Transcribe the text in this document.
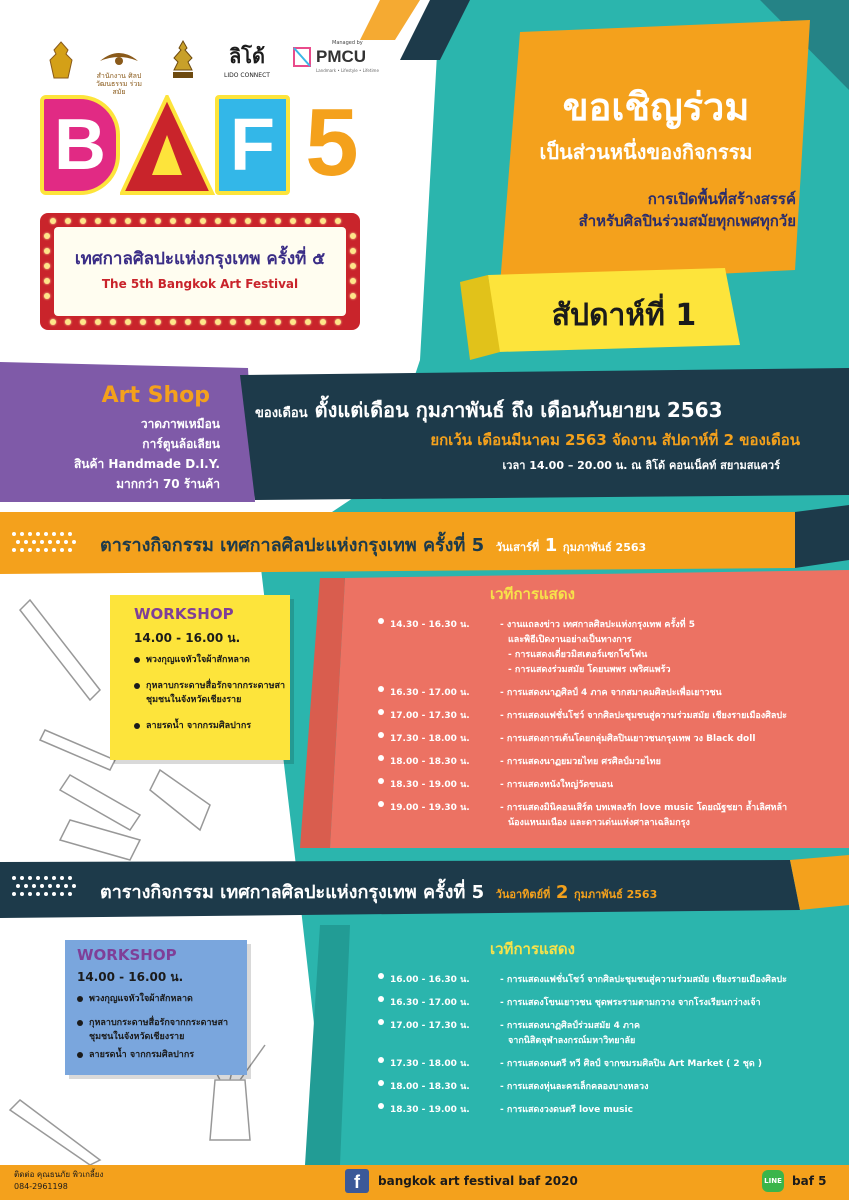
สำนักงาน ศิลปวัฒนธรรม ร่วมสมัย
ลิโด้
LIDO CONNECT
Managed by
PMCU
Landmark • Lifestyle • Lifetime
B F 5
เทศกาลศิลปะแห่งกรุงเทพ ครั้งที่ ๕
The 5th Bangkok Art Festival
ขอเชิญร่วม
เป็นส่วนหนึ่งของกิจกรรม
การเปิดพื้นที่สร้างสรรค์
สำหรับศิลปินร่วมสมัยทุกเพศทุกวัย
สัปดาห์ที่ 1
Art Shop
วาดภาพเหมือน
การ์ตูนล้อเลียน
สินค้า Handmade D.I.Y.
มากกว่า 70 ร้านค้า
ของเดือน ตั้งแต่เดือน กุมภาพันธ์ ถึง เดือนกันยายน 2563
ยกเว้น เดือนมีนาคม 2563 จัดงาน สัปดาห์ที่ 2 ของเดือน
เวลา 14.00 – 20.00 น. ณ ลิโด้ คอนเน็คท์ สยามสแควร์
ตารางกิจกรรม เทศกาลศิลปะแห่งกรุงเทพ ครั้งที่ 5 วันเสาร์ที่ 1 กุมภาพันธ์ 2563
เวทีการแสดง
14.30 - 16.30 น.	- งานแถลงข่าว เทศกาลศิลปะแห่งกรุงเทพ ครั้งที่ 5
และพิธีเปิดงานอย่างเป็นทางการ
- การแสดงเดี่ยวมิสเตอร์แซกโซโฟน
- การแสดงร่วมสมัย โดยนพพร เพริศแพร้ว
16.30 - 17.00 น.	- การแสดงนาฏศิลป์ 4 ภาค จากสมาคมศิลปะเพื่อเยาวชน
17.00 - 17.30 น.	- การแสดงแฟชั่นโชว์ จากศิลปะชุมชนสู่ความร่วมสมัย เชียงรายเมืองศิลปะ
17.30 - 18.00 น.	- การแสดงการเต้นโดยกลุ่มศิลปินเยาวชนกรุงเทพ วง Black doll
18.00 - 18.30 น.	- การแสดงนาฏยมวยไทย ศรศิลป์มวยไทย
18.30 - 19.00 น.	- การแสดงหนังใหญ่วัดขนอน
19.00 - 19.30 น.	- การแสดงมินิคอนเสิร์ต บทเพลงรัก love music โดยณัฐชยา ล้ำเลิศหล้า
น้องแหนมเนือง และดาวเด่นแห่งศาลาเฉลิมกรุง
WORKSHOP
14.00 - 16.00 น.
พวงกุญแจหัวใจผ้าสักหลาด
กุหลาบกระดาษสื่อรักจากกระดาษสา
ชุมชนในจังหวัดเชียงราย
ลายรดน้ำ จากกรมศิลปากร
ตารางกิจกรรม เทศกาลศิลปะแห่งกรุงเทพ ครั้งที่ 5 วันอาทิตย์ที่ 2 กุมภาพันธ์ 2563
เวทีการแสดง
16.00 - 16.30 น.	- การแสดงแฟชั่นโชว์ จากศิลปะชุมชนสู่ความร่วมสมัย เชียงรายเมืองศิลปะ
16.30 - 17.00 น.	- การแสดงโขนเยาวชน ชุดพระรามตามกวาง จากโรงเรียนกว่างเจ้า
17.00 - 17.30 น.	- การแสดงนาฏศิลป์ร่วมสมัย 4 ภาค
จากนิสิตจุฬาลงกรณ์มหาวิทยาลัย
17.30 - 18.00 น.	- การแสดงดนตรี ทวี ศิลป์ จากชมรมศิลปิน Art Market ( 2 ชุด )
18.00 - 18.30 น.	- การแสดงหุ่นละครเล็กคลองบางหลวง
18.30 - 19.00 น.	- การแสดงวงดนตรี love music
WORKSHOP
14.00 - 16.00 น.
พวงกุญแจหัวใจผ้าสักหลาด
กุหลาบกระดาษสื่อรักจากกระดาษสา
ชุมชนในจังหวัดเชียงราย
ลายรดน้ำ จากกรมศิลปากร
ติดต่อ คุณธนภัย พิวเกลี้ยง
084-2961198	f	bangkok art festival baf 2020	LINE baf 5
